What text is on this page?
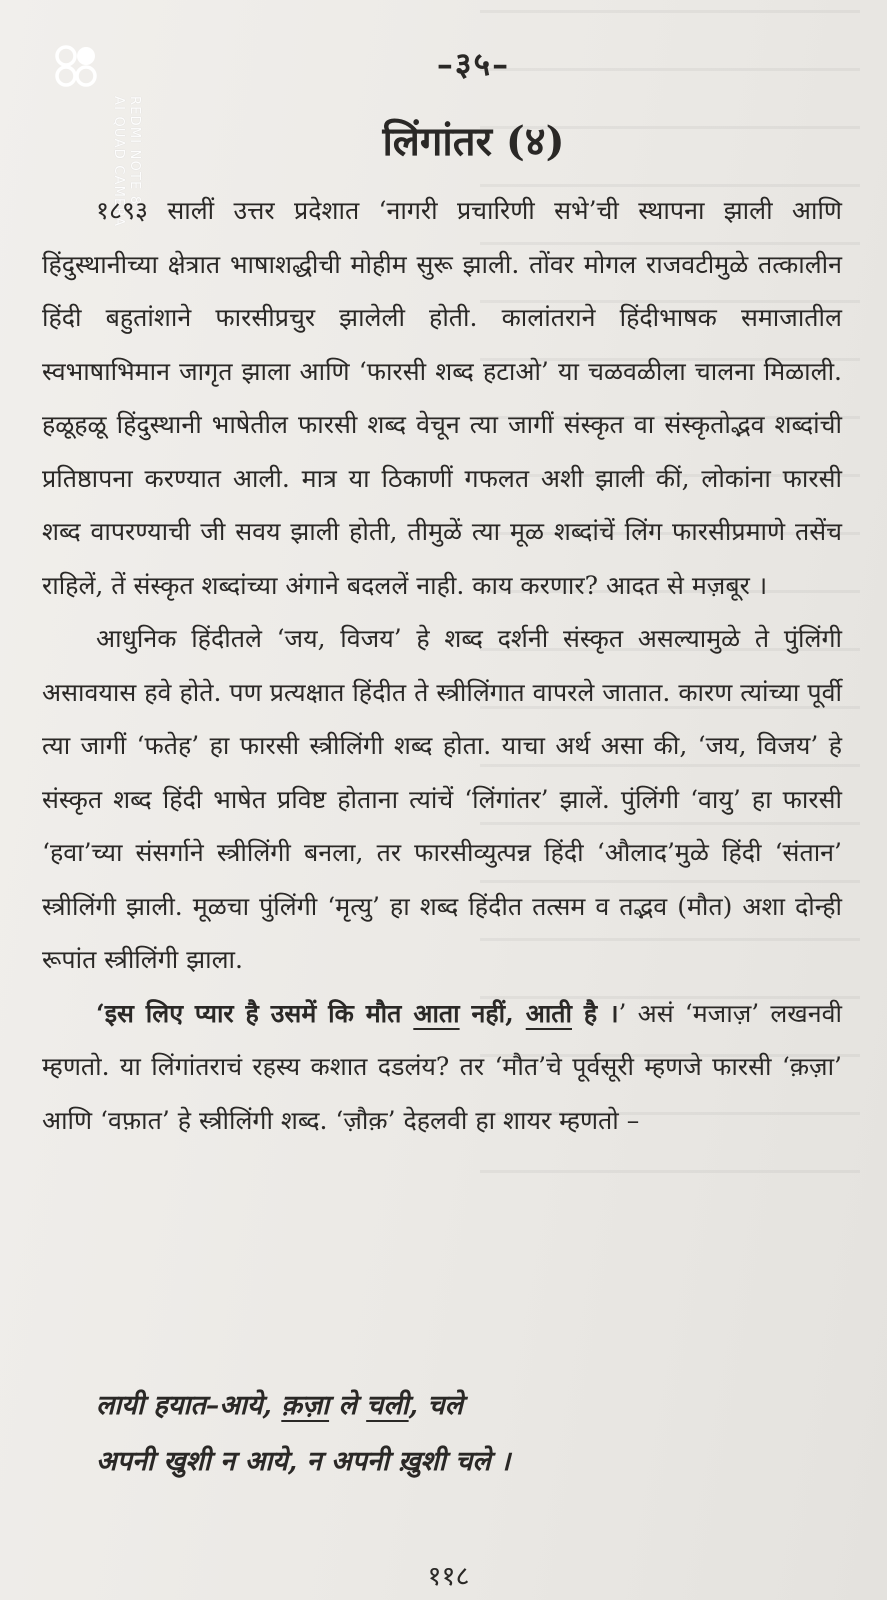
REDMI NOTE 8
AI QUAD CAMERA
–३५–
लिंगांतर (४)

१८९३ सालीं उत्तर प्रदेशात ‘नागरी प्रचारिणी सभे’ची स्थापना झाली आणि हिंदुस्थानीच्या क्षेत्रात भाषाशद्धीची मोहीम सुरू झाली. तोंवर मोगल राजवटीमुळे तत्कालीन हिंदी बहुतांशाने फारसीप्रचुर झालेली होती. कालांतराने हिंदीभाषक समाजातील स्वभाषाभिमान जागृत झाला आणि ‘फारसी शब्द हटाओ’ या चळवळीला चालना मिळाली. हळूहळू हिंदुस्थानी भाषेतील फारसी शब्द वेचून त्या जागीं संस्कृत वा संस्कृतोद्भव शब्दांची प्रतिष्ठापना करण्यात आली. मात्र या ठिकाणीं गफलत अशी झाली कीं, लोकांना फारसी शब्द वापरण्याची जी सवय झाली होती, तीमुळें त्या मूळ शब्दांचें लिंग फारसीप्रमाणे तसेंच राहिलें, तें संस्कृत शब्दांच्या अंगाने बदललें नाही. काय करणार? आदत से मज़बूर ।

आधुनिक हिंदीतले ‘जय, विजय’ हे शब्द दर्शनी संस्कृत असल्यामुळे ते पुंलिंगी असावयास हवे होते. पण प्रत्यक्षात हिंदीत ते स्त्रीलिंगात वापरले जातात. कारण त्यांच्या पूर्वी त्या जागीं ‘फतेह’ हा फारसी स्त्रीलिंगी शब्द होता. याचा अर्थ असा की, ‘जय, विजय’ हे संस्कृत शब्द हिंदी भाषेत प्रविष्ट होताना त्यांचें ‘लिंगांतर’ झालें. पुंलिंगी ‘वायु’ हा फारसी ‘हवा’च्या संसर्गाने स्त्रीलिंगी बनला, तर फारसीव्युत्पन्न हिंदी ‘औलाद’मुळे हिंदी ‘संतान’ स्त्रीलिंगी झाली. मूळचा पुंलिंगी ‘मृत्यु’ हा शब्द हिंदीत तत्सम व तद्भव (मौत) अशा दोन्ही रूपांत स्त्रीलिंगी झाला.

‘इस लिए प्यार है उसमें कि मौत आता नहीं, आती है ।’ असं ‘मजाज़’ लखनवी म्हणतो. या लिंगांतराचं रहस्य कशात दडलंय? तर ‘मौत’चे पूर्वसूरी म्हणजे फारसी ‘क़ज़ा’ आणि ‘वफ़ात’ हे स्त्रीलिंगी शब्द. ‘ज़ौक़’ देहलवी हा शायर म्हणतो –

लायी हयात–आये, क़ज़ा ले चली, चले
अपनी खुशी न आये, न अपनी ख़ुशी चले ।
११८
